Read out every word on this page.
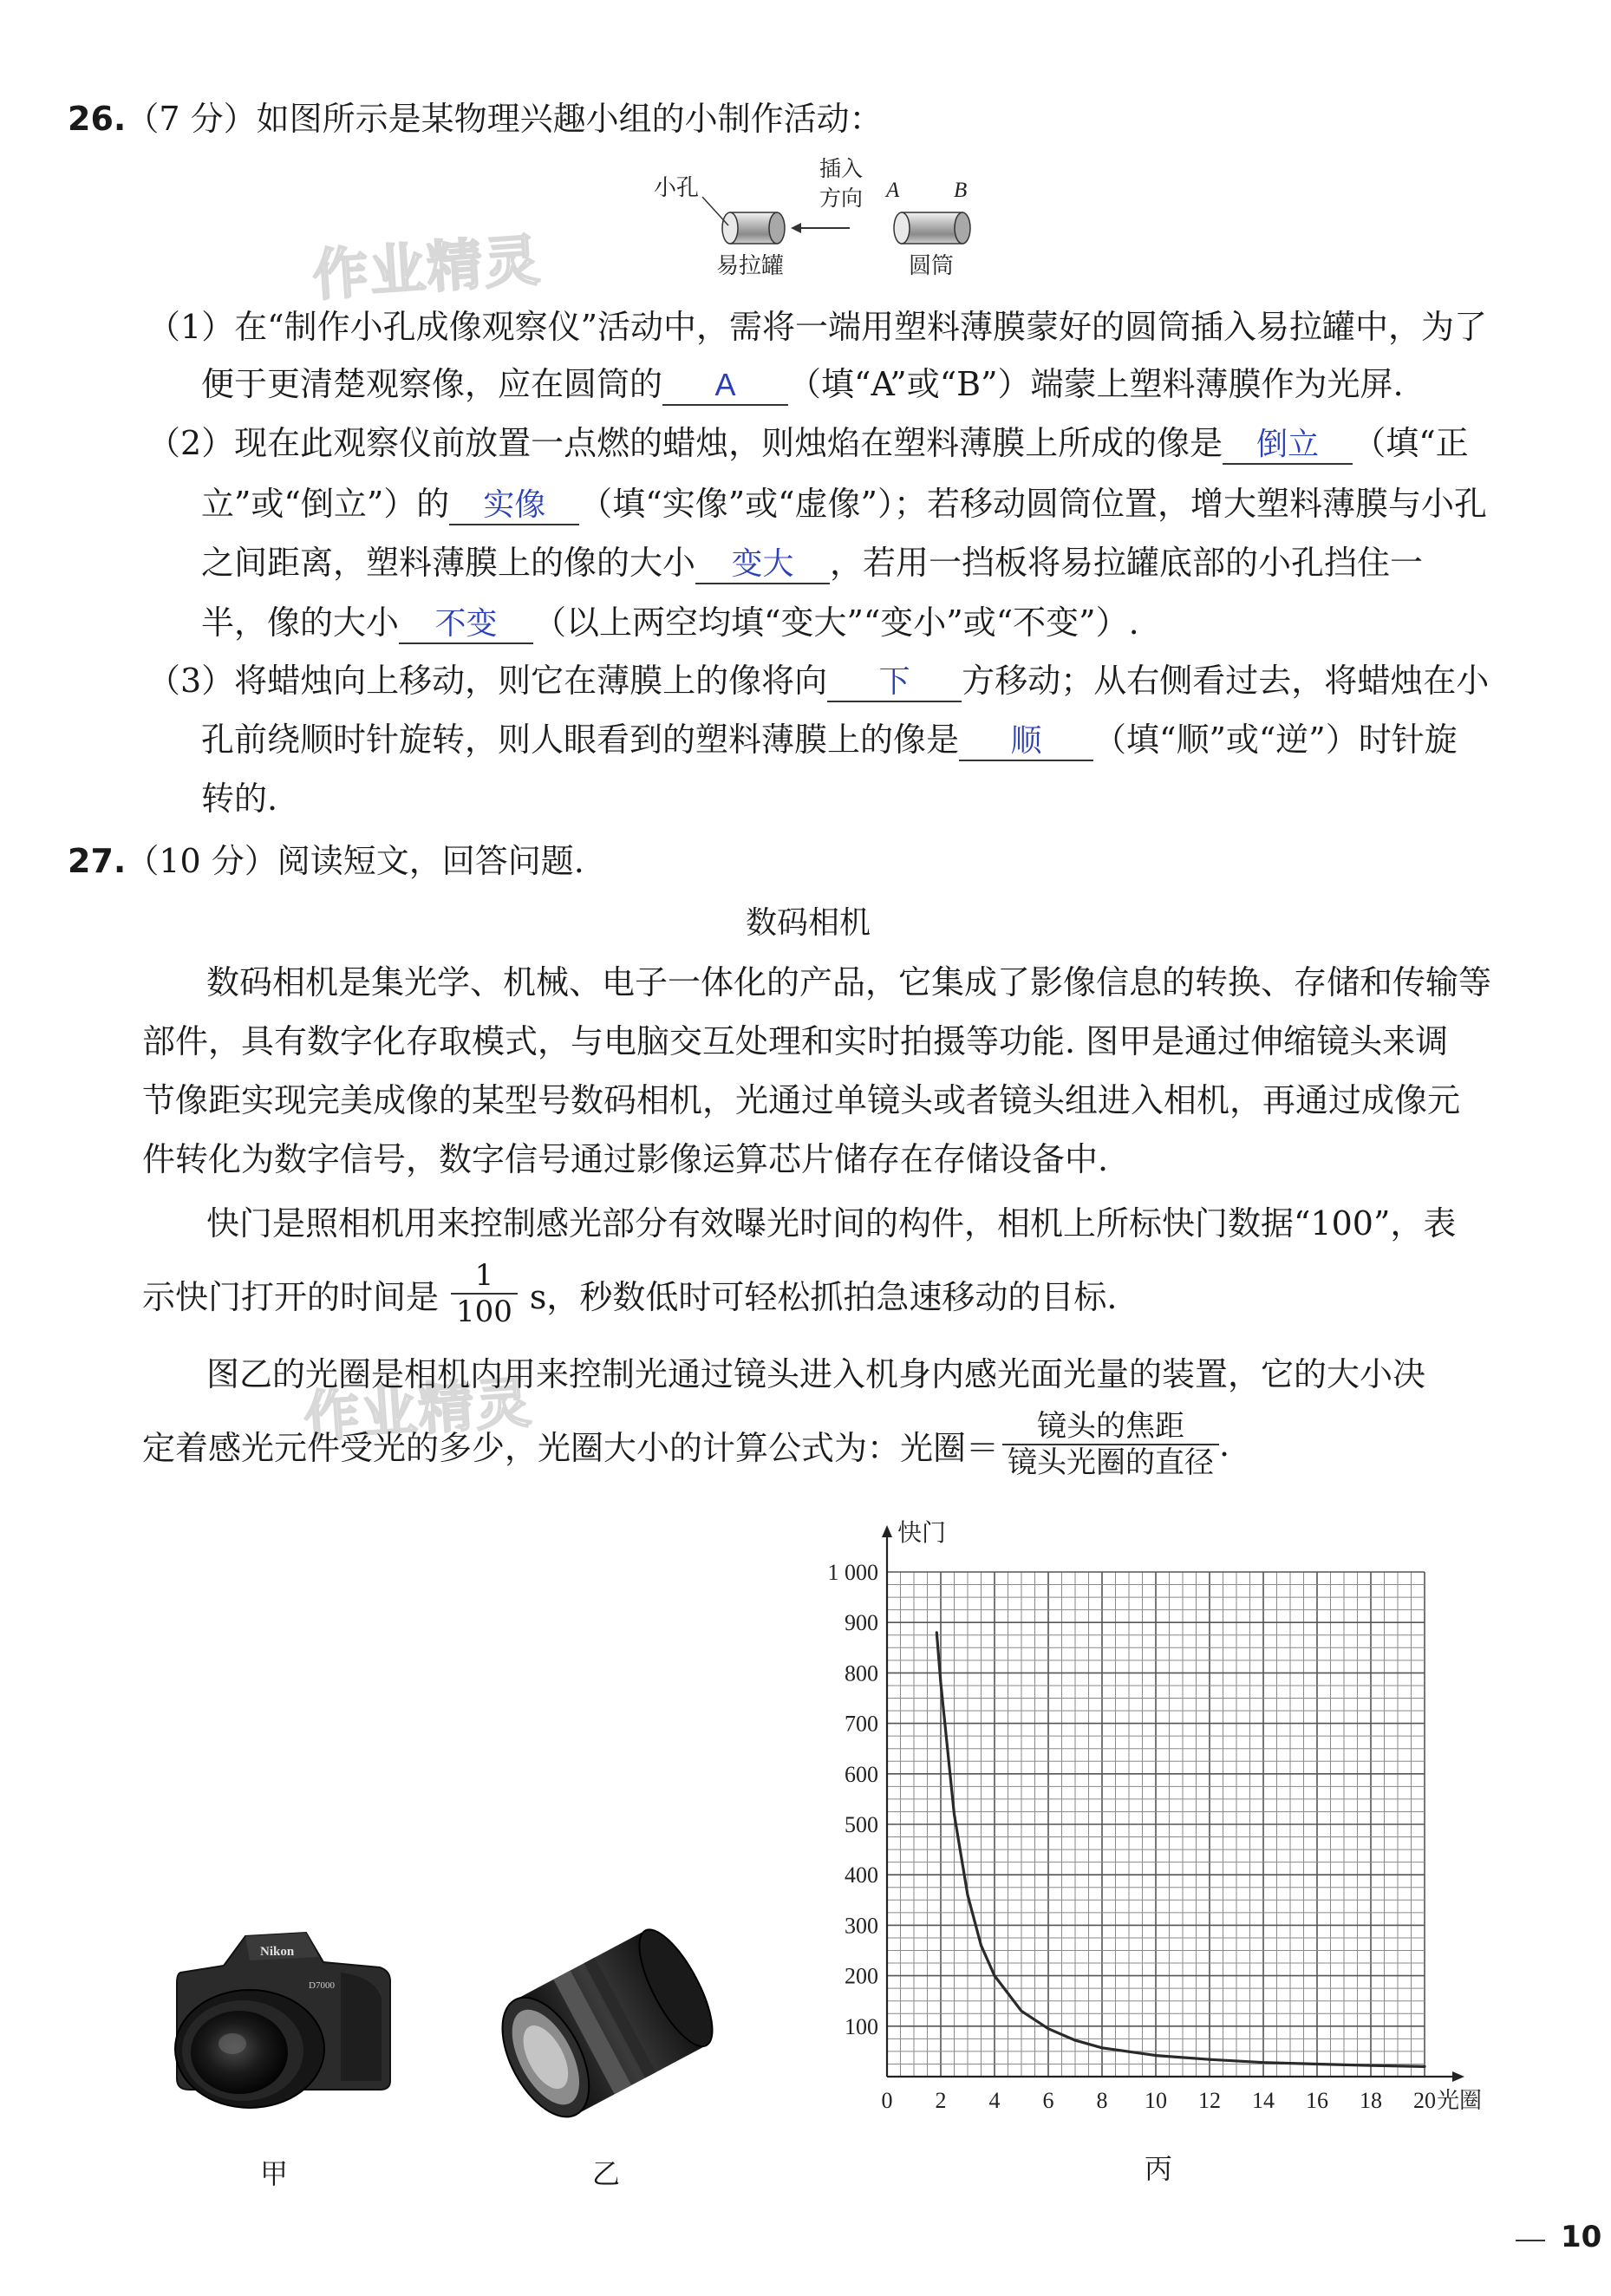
作业精灵
作业精灵
26.（7 分）如图所示是某物理兴趣小组的小制作活动：
小孔
插入
方向 A	B
易拉罐	圆筒
（1）在“制作小孔成像观察仪”活动中，需将一端用塑料薄膜蒙好的圆筒插入易拉罐中，为了
便于更清楚观察像，应在圆筒的 A （填“A”或“B”）端蒙上塑料薄膜作为光屏.
（2）现在此观察仪前放置一点燃的蜡烛，则烛焰在塑料薄膜上所成的像是 倒立 （填“正
立”或“倒立”）的 实像 （填“实像”或“虚像”）；若移动圆筒位置，增大塑料薄膜与小孔
之间距离，塑料薄膜上的像的大小 变大 ，若用一挡板将易拉罐底部的小孔挡住一
半，像的大小 不变 （以上两空均填“变大”“变小”或“不变”）.
（3）将蜡烛向上移动，则它在薄膜上的像将向 下 方移动；从右侧看过去，将蜡烛在小
孔前绕顺时针旋转，则人眼看到的塑料薄膜上的像是 顺 （填“顺”或“逆”）时针旋
转的.
27.（10 分）阅读短文，回答问题.
数码相机
数码相机是集光学、机械、电子一体化的产品，它集成了影像信息的转换、存储和传输等
部件，具有数字化存取模式，与电脑交互处理和实时拍摄等功能. 图甲是通过伸缩镜头来调
节像距实现完美成像的某型号数码相机，光通过单镜头或者镜头组进入相机，再通过成像元
件转化为数字信号，数字信号通过影像运算芯片储存在存储设备中.
快门是照相机用来控制感光部分有效曝光时间的构件，相机上所标快门数据“100”，表
示快门打开的时间是 $\frac{1}{100}$ s，秒数低时可轻松抓拍急速移动的目标.
图乙的光圈是相机内用来控制光通过镜头进入机身内感光面光量的装置，它的大小决
定着感光元件受光的多少，光圈大小的计算公式为：光圈＝ $\frac{\text{镜头的焦距}}{\text{镜头光圈的直径}}$ .
Nikon
D7000
0 2 4 6 8 10 12 14 16 18 20
100
200
300
400
500
600
700
800
900
1 000
快门
光圈
甲	乙	丙
10
